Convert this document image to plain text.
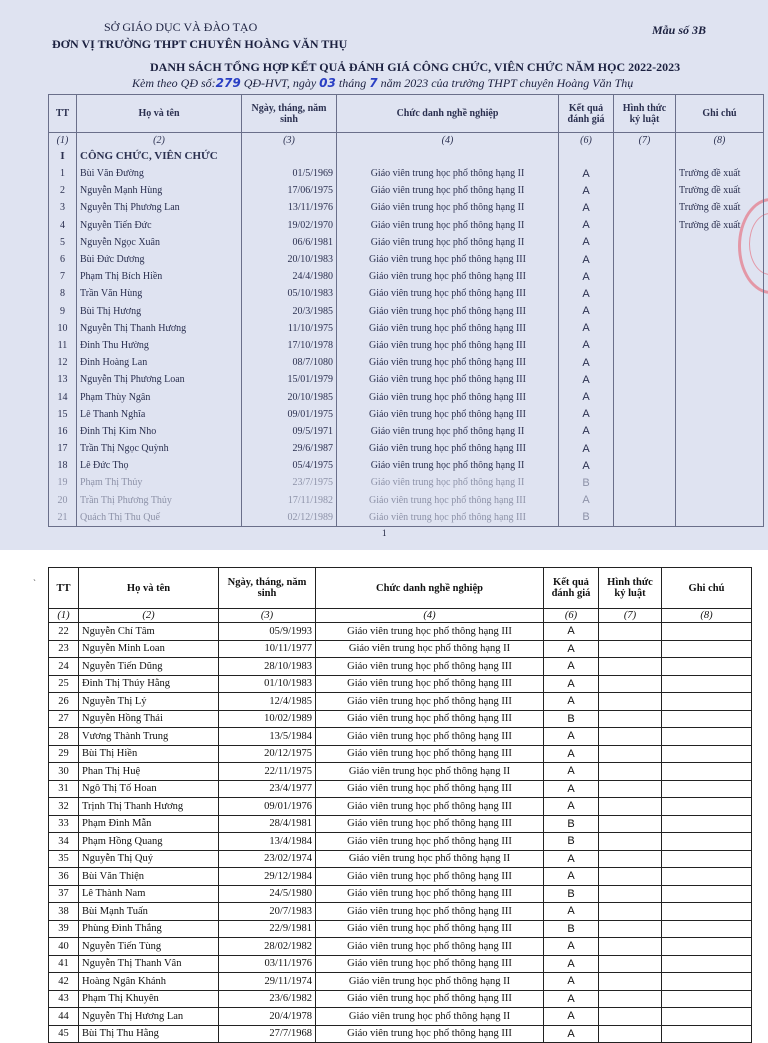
SỞ GIÁO DỤC VÀ ĐÀO TẠO
ĐƠN VỊ TRƯỜNG THPT CHUYÊN HOÀNG VĂN THỤ
Mẫu số 3B
DANH SÁCH TỔNG HỢP KẾT QUẢ ĐÁNH GIÁ CÔNG CHỨC, VIÊN CHỨC NĂM HỌC 2022-2023
Kèm theo QĐ số:279 QĐ-HVT, ngày 03 tháng 7 năm 2023 của trường THPT chuyên Hoàng Văn Thụ
TT	Họ và tên	Ngày, tháng, năm sinh	Chức danh nghề nghiệp	Kết quả đánh giá	Hình thức kỷ luật	Ghi chú
(1)	(2)	(3)	(4)	(6)	(7)	(8)
I	CÔNG CHỨC, VIÊN CHỨC					
1	Bùi Văn Đường	01/5/1969	Giáo viên trung học phổ thông hạng II	A		Trường đề xuất
2	Nguyễn Mạnh Hùng	17/06/1975	Giáo viên trung học phổ thông hạng II	A		Trường đề xuất
3	Nguyễn Thị Phương Lan	13/11/1976	Giáo viên trung học phổ thông hạng II	A		Trường đề xuất
4	Nguyễn Tiến Đức	19/02/1970	Giáo viên trung học phổ thông hạng II	A		Trường đề xuất
5	Nguyễn Ngọc Xuân	06/6/1981	Giáo viên trung học phổ thông hạng II	A		
6	Bùi Đức Dương	20/10/1983	Giáo viên trung học phổ thông hạng III	A		
7	Phạm Thị Bích Hiền	24/4/1980	Giáo viên trung học phổ thông hạng III	A		
8	Trần Văn Hùng	05/10/1983	Giáo viên trung học phổ thông hạng III	A		
9	Bùi Thị Hương	20/3/1985	Giáo viên trung học phổ thông hạng III	A		
10	Nguyễn Thị Thanh Hương	11/10/1975	Giáo viên trung học phổ thông hạng III	A		
11	Đinh Thu Hường	17/10/1978	Giáo viên trung học phổ thông hạng III	A		
12	Đinh Hoàng Lan	08/7/1080	Giáo viên trung học phổ thông hạng III	A		
13	Nguyễn Thị Phương Loan	15/01/1979	Giáo viên trung học phổ thông hạng III	A		
14	Phạm Thùy Ngân	20/10/1985	Giáo viên trung học phổ thông hạng III	A		
15	Lê Thanh Nghĩa	09/01/1975	Giáo viên trung học phổ thông hạng III	A		
16	Đinh Thị Kim Nho	09/5/1971	Giáo viên trung học phổ thông hạng II	A		
17	Trần Thị Ngọc Quỳnh	29/6/1987	Giáo viên trung học phổ thông hạng III	A		
18	Lê Đức Thọ	05/4/1975	Giáo viên trung học phổ thông hạng II	A		
19	Phạm Thị Thủy	23/7/1975	Giáo viên trung học phổ thông hạng II	B		
20	Trần Thị Phương Thủy	17/11/1982	Giáo viên trung học phổ thông hạng III	A		
21	Quách Thị Thu Quế	02/12/1989	Giáo viên trung học phổ thông hạng III	B		
1
` TT	Họ và tên	Ngày, tháng, năm sinh	Chức danh nghề nghiệp	Kết quả đánh giá	Hình thức kỷ luật	Ghi chú
(1)	(2)	(3)	(4)	(6)	(7)	(8)
22	Nguyễn Chí Tâm	05/9/1993	Giáo viên trung học phổ thông hạng III	A		
23	Nguyễn Minh Loan	10/11/1977	Giáo viên trung học phổ thông hạng II	A		
24	Nguyễn Tiến Dũng	28/10/1983	Giáo viên trung học phổ thông hạng III	A		
25	Đinh Thị Thúy Hằng	01/10/1983	Giáo viên trung học phổ thông hạng III	A		
26	Nguyễn Thị Lý	12/4/1985	Giáo viên trung học phổ thông hạng III	A		
27	Nguyễn Hồng Thái	10/02/1989	Giáo viên trung học phổ thông hạng III	B		
28	Vương Thành Trung	13/5/1984	Giáo viên trung học phổ thông hạng III	A		
29	Bùi Thị Hiền	20/12/1975	Giáo viên trung học phổ thông hạng III	A		
30	Phan Thị Huệ	22/11/1975	Giáo viên trung học phổ thông hạng II	A		
31	Ngô Thị Tố Hoan	23/4/1977	Giáo viên trung học phổ thông hạng III	A		
32	Trịnh Thị Thanh Hương	09/01/1976	Giáo viên trung học phổ thông hạng III	A		
33	Phạm Đình Mẫn	28/4/1981	Giáo viên trung học phổ thông hạng III	B		
34	Phạm Hồng Quang	13/4/1984	Giáo viên trung học phổ thông hạng III	B		
35	Nguyễn Thị Quý	23/02/1974	Giáo viên trung học phổ thông hạng II	A		
36	Bùi Văn Thiện	29/12/1984	Giáo viên trung học phổ thông hạng III	A		
37	Lê Thành Nam	24/5/1980	Giáo viên trung học phổ thông hạng III	B		
38	Bùi Mạnh Tuấn	20/7/1983	Giáo viên trung học phổ thông hạng III	A		
39	Phùng Đình Thắng	22/9/1981	Giáo viên trung học phổ thông hạng III	B		
40	Nguyễn Tiến Tùng	28/02/1982	Giáo viên trung học phổ thông hạng III	A		
41	Nguyễn Thị Thanh Vân	03/11/1976	Giáo viên trung học phổ thông hạng III	A		
42	Hoàng Ngân Khánh	29/11/1974	Giáo viên trung học phổ thông hạng II	A		
43	Phạm Thị Khuyên	23/6/1982	Giáo viên trung học phổ thông hạng III	A		
44	Nguyễn Thị Hương Lan	20/4/1978	Giáo viên trung học phổ thông hạng II	A		
45	Bùi Thị Thu Hằng	27/7/1968	Giáo viên trung học phổ thông hạng III	A		
